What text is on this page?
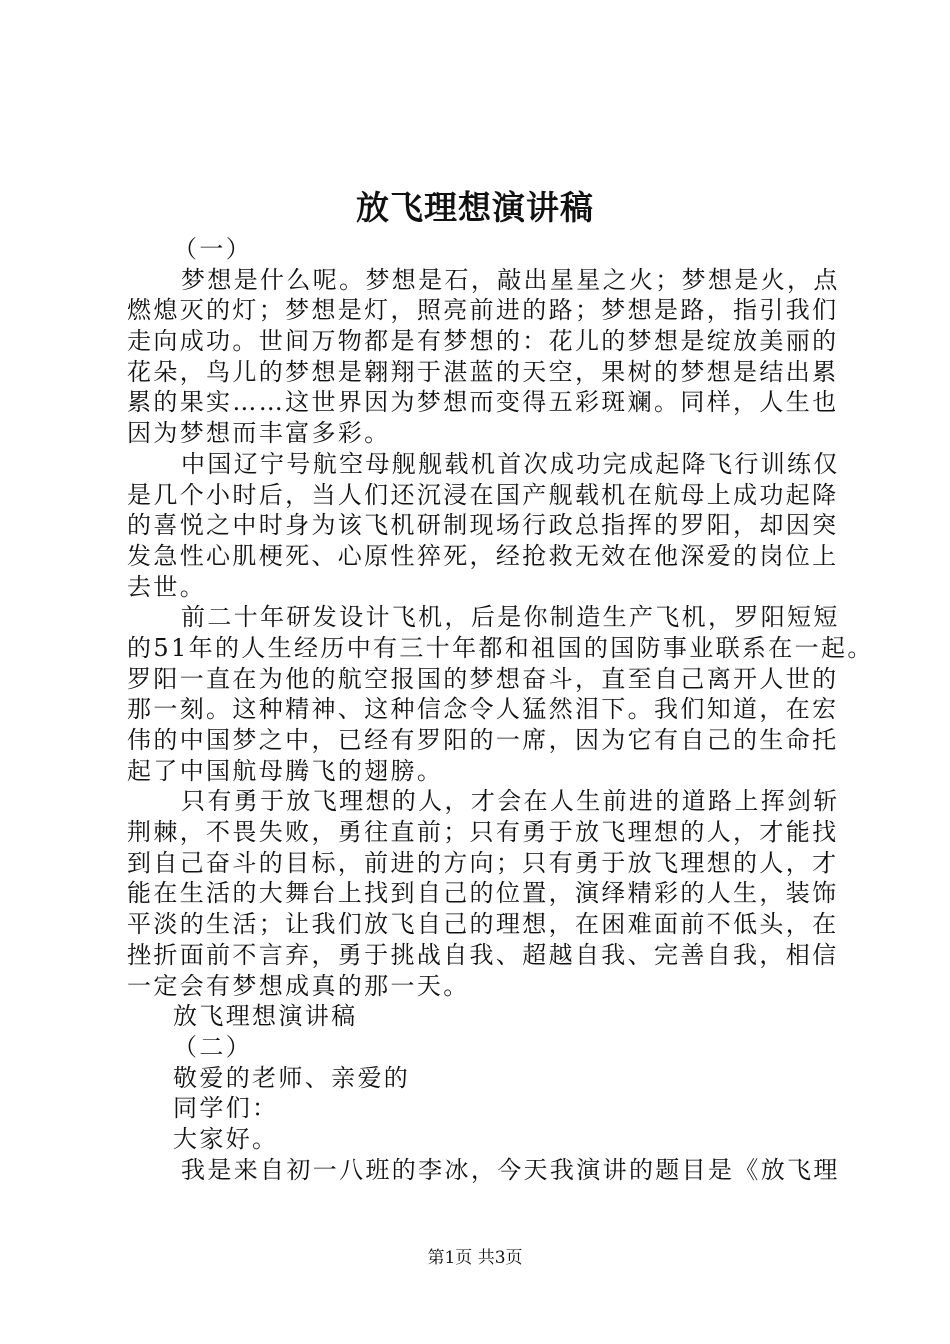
放飞理想演讲稿
（一）
梦想是什么呢。梦想是石，敲出星星之火；梦想是火，点
燃熄灭的灯；梦想是灯，照亮前进的路；梦想是路，指引我们
走向成功。世间万物都是有梦想的：花儿的梦想是绽放美丽的
花朵，鸟儿的梦想是翱翔于湛蓝的天空，果树的梦想是结出累
累的果实……这世界因为梦想而变得五彩斑斓。同样，人生也
因为梦想而丰富多彩。
中国辽宁号航空母舰舰载机首次成功完成起降飞行训练仅
是几个小时后，当人们还沉浸在国产舰载机在航母上成功起降
的喜悦之中时身为该飞机研制现场行政总指挥的罗阳，却因突
发急性心肌梗死、心原性猝死，经抢救无效在他深爱的岗位上
去世。
前二十年研发设计飞机，后是你制造生产飞机，罗阳短短
的51年的人生经历中有三十年都和祖国的国防事业联系在一起。
罗阳一直在为他的航空报国的梦想奋斗，直至自己离开人世的
那一刻。这种精神、这种信念令人猛然泪下。我们知道，在宏
伟的中国梦之中，已经有罗阳的一席，因为它有自己的生命托
起了中国航母腾飞的翅膀。
只有勇于放飞理想的人，才会在人生前进的道路上挥剑斩
荆棘，不畏失败，勇往直前；只有勇于放飞理想的人，才能找
到自己奋斗的目标，前进的方向；只有勇于放飞理想的人，才
能在生活的大舞台上找到自己的位置，演绎精彩的人生，装饰
平淡的生活；让我们放飞自己的理想，在困难面前不低头，在
挫折面前不言弃，勇于挑战自我、超越自我、完善自我，相信
一定会有梦想成真的那一天。
放飞理想演讲稿
（二）
敬爱的老师、亲爱的
同学们：
大家好。
我是来自初一八班的李冰，今天我演讲的题目是《放飞理
第1页 共3页
